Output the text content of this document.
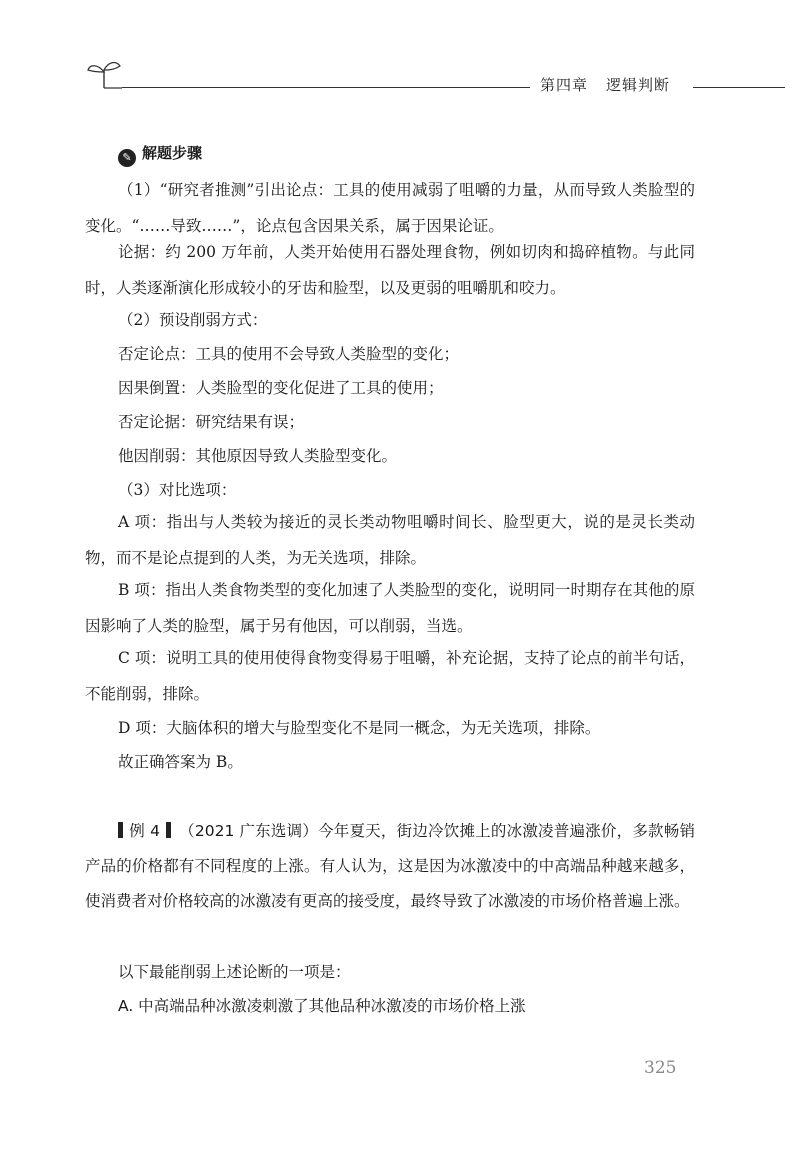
第四章 逻辑判断
✎ 解题步骤
（1）“研究者推测”引出论点：工具的使用减弱了咀嚼的力量，从而导致人类脸型的变化。“……导致……”，论点包含因果关系，属于因果论证。
论据：约 200 万年前，人类开始使用石器处理食物，例如切肉和捣碎植物。与此同时，人类逐渐演化形成较小的牙齿和脸型，以及更弱的咀嚼肌和咬力。
（2）预设削弱方式：
否定论点：工具的使用不会导致人类脸型的变化；
因果倒置：人类脸型的变化促进了工具的使用；
否定论据：研究结果有误；
他因削弱：其他原因导致人类脸型变化。
（3）对比选项：
A 项：指出与人类较为接近的灵长类动物咀嚼时间长、脸型更大，说的是灵长类动物，而不是论点提到的人类，为无关选项，排除。
B 项：指出人类食物类型的变化加速了人类脸型的变化，说明同一时期存在其他的原因影响了人类的脸型，属于另有他因，可以削弱，当选。
C 项：说明工具的使用使得食物变得易于咀嚼，补充论据，支持了论点的前半句话，不能削弱，排除。
D 项：大脑体积的增大与脸型变化不是同一概念，为无关选项，排除。
故正确答案为 B。
例 4 （2021 广东选调）今年夏天，街边冷饮摊上的冰激凌普遍涨价，多款畅销产品的价格都有不同程度的上涨。有人认为，这是因为冰激凌中的中高端品种越来越多，使消费者对价格较高的冰激凌有更高的接受度，最终导致了冰激凌的市场价格普遍上涨。
以下最能削弱上述论断的一项是：
A. 中高端品种冰激凌刺激了其他品种冰激凌的市场价格上涨
325
